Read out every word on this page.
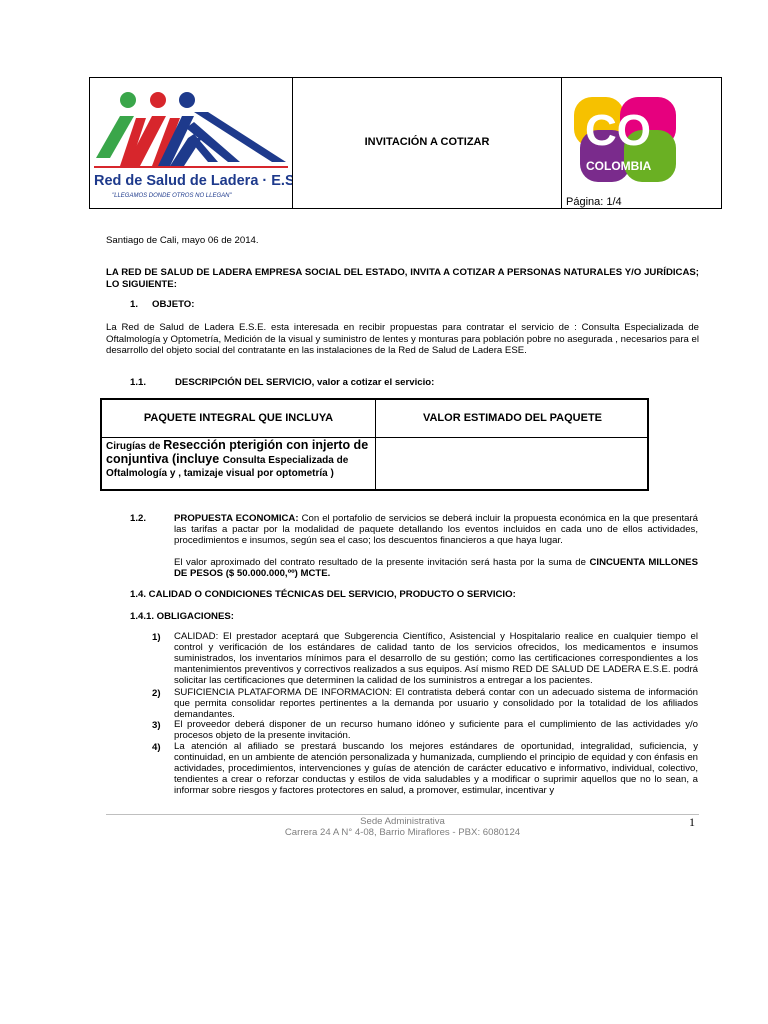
Red de Salud de Ladera · E.S.E.
"LLEGAMOS DONDE OTROS NO LLEGAN"
INVITACIÓN A COTIZAR	CO
COLOMBIA
Página: 1/4
Santiago de Cali, mayo 06 de 2014.
LA RED DE SALUD DE LADERA EMPRESA SOCIAL DEL ESTADO, INVITA A COTIZAR A PERSONAS NATURALES Y/O JURÍDICAS; LO SIGUIENTE:
1. OBJETO:
La Red de Salud de Ladera E.S.E. esta interesada en recibir propuestas para contratar el servicio de : Consulta Especializada de Oftalmología y Optometría, Medición de la visual y suministro de lentes y monturas para población pobre no asegurada , necesarios para el desarrollo del objeto social del contratante en las instalaciones de la Red de Salud de Ladera ESE.
1.1.	DESCRIPCIÓN DEL SERVICIO, valor a cotizar el servicio:
PAQUETE INTEGRAL QUE INCLUYA	VALOR ESTIMADO DEL PAQUETE
Cirugías de Resección pterigión con injerto de conjuntiva (incluye Consulta Especializada de Oftalmología y , tamizaje visual por optometría )
1.2.	PROPUESTA ECONOMICA: Con el portafolio de servicios se deberá incluir la propuesta económica en la que presentará las tarifas a pactar por la modalidad de paquete detallando los eventos incluidos en cada uno de ellos actividades, procedimientos e insumos, según sea el caso; los descuentos financieros a que haya lugar.
El valor aproximado del contrato resultado de la presente invitación será hasta por la suma de CINCUENTA MILLONES DE PESOS ($ 50.000.000,ºº) MCTE.
1.4. CALIDAD O CONDICIONES TÉCNICAS DEL SERVICIO, PRODUCTO O SERVICIO:
1.4.1. OBLIGACIONES:
1) CALIDAD: El prestador aceptará que Subgerencia Científico, Asistencial y Hospitalario realice en cualquier tiempo el control y verificación de los estándares de calidad tanto de los servicios ofrecidos, los medicamentos e insumos suministrados, los inventarios mínimos para el desarrollo de su gestión; como las certificaciones correspondientes a los mantenimientos preventivos y correctivos realizados a sus equipos. Así mismo RED DE SALUD DE LADERA E.S.E. podrá solicitar las certificaciones que determinen la calidad de los suministros a entregar a los pacientes.
2) SUFICIENCIA PLATAFORMA DE INFORMACION: El contratista deberá contar con un adecuado sistema de información que permita consolidar reportes pertinentes a la demanda por usuario y consolidado por la totalidad de los afiliados demandantes.
3) El proveedor deberá disponer de un recurso humano idóneo y suficiente para el cumplimiento de las actividades y/o procesos objeto de la presente invitación.
4) La atención al afiliado se prestará buscando los mejores estándares de oportunidad, integralidad, suficiencia, y continuidad, en un ambiente de atención personalizada y humanizada, cumpliendo el principio de equidad y con énfasis en actividades, procedimientos, intervenciones y guías de atención de carácter educativo e informativo, individual, colectivo, tendientes a crear o reforzar conductas y estilos de vida saludables y a modificar o suprimir aquellos que no lo sean, a informar sobre riesgos y factores protectores en salud, a promover, estimular, incentivar y
Sede Administrativa
Carrera 24 A N° 4-08, Barrio Miraflores - PBX: 6080124
1
